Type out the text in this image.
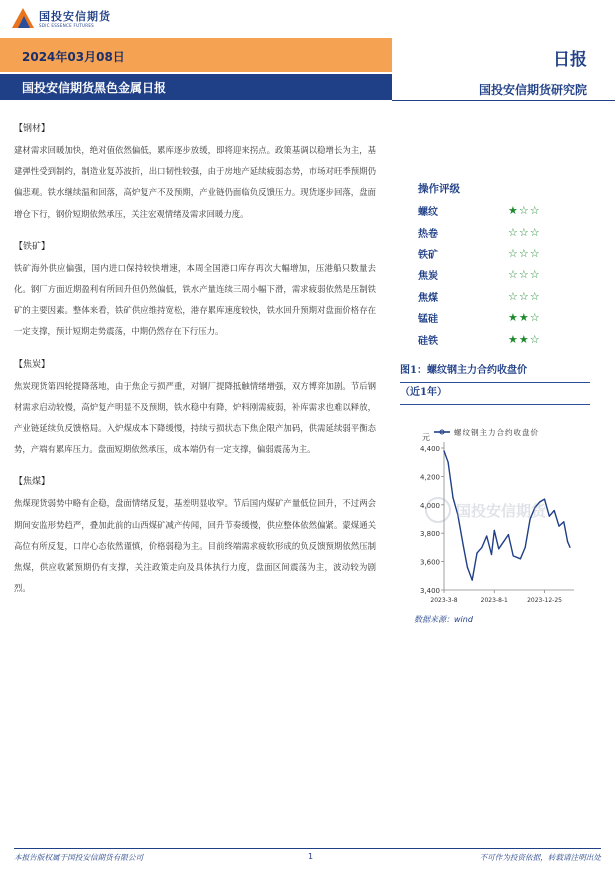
国投安信期货
SDIC ESSENCE FUTURES
2024年03月08日
国投安信期货黑色金属日报
日报
国投安信期货研究院
【钢材】
建材需求回暖加快，绝对值依然偏低，累库逐步放缓，即将迎来拐点。政策基调以稳增长为主，基建弹性受到制约，制造业复苏波折，出口韧性较强，由于房地产延续疲弱态势，市场对旺季预期仍偏悲观。铁水继续温和回落，高炉复产不及预期，产业链仍面临负反馈压力。现货逐步回落，盘面增仓下行，钢价短期依然承压，关注宏观情绪及需求回暖力度。
【铁矿】
铁矿海外供应偏强，国内进口保持较快增速，本周全国港口库存再次大幅增加，压港船只数量去化。钢厂方面近期盈利有所回升但仍然偏低，铁水产量连续三周小幅下滑，需求疲弱依然是压制铁矿的主要因素。整体来看，铁矿供应维持宽松，港存累库速度较快，铁水回升预期对盘面价格存在一定支撑，预计短期走势震荡，中期仍然存在下行压力。
【焦炭】
焦炭现货第四轮提降落地，由于焦企亏损严重，对钢厂提降抵触情绪增强，双方博弈加剧。节后钢材需求启动较慢，高炉复产明显不及预期，铁水稳中有降，炉料刚需疲弱，补库需求也难以释放，产业链延续负反馈格局。入炉煤成本下降缓慢，持续亏损状态下焦企限产加码，供需延续弱平衡态势，产端有累库压力。盘面短期依然承压，成本端仍有一定支撑，偏弱震荡为主。
【焦煤】
焦煤现货弱势中略有企稳，盘面情绪反复，基差明显收窄。节后国内煤矿产量低位回升，不过两会期间安监形势趋严，叠加此前的山西煤矿减产传闻，回升节奏缓慢，供应整体依然偏紧。蒙煤通关高位有所反复，口岸心态依然谨慎，价格弱稳为主。目前终端需求疲软形成的负反馈预期依然压制焦煤，供应收紧预期仍有支撑，关注政策走向及具体执行力度，盘面区间震荡为主，波动较为剧烈。
操作评级
螺纹	★☆☆
热卷	☆☆☆
铁矿	☆☆☆
焦炭	☆☆☆
焦煤	☆☆☆
锰硅	★★☆
硅铁	★★☆
图1：螺纹钢主力合约收盘价
（近1年）
3,400
3,600
3,800
4,000
4,200
4,400
元
2023-3-8	2023-8-1	2023-12-25
螺纹钢主力合约收盘价
国投安信期货
数据来源：wind
本报告版权属于国投安信期货有限公司	1	不可作为投资依据，转载请注明出处
